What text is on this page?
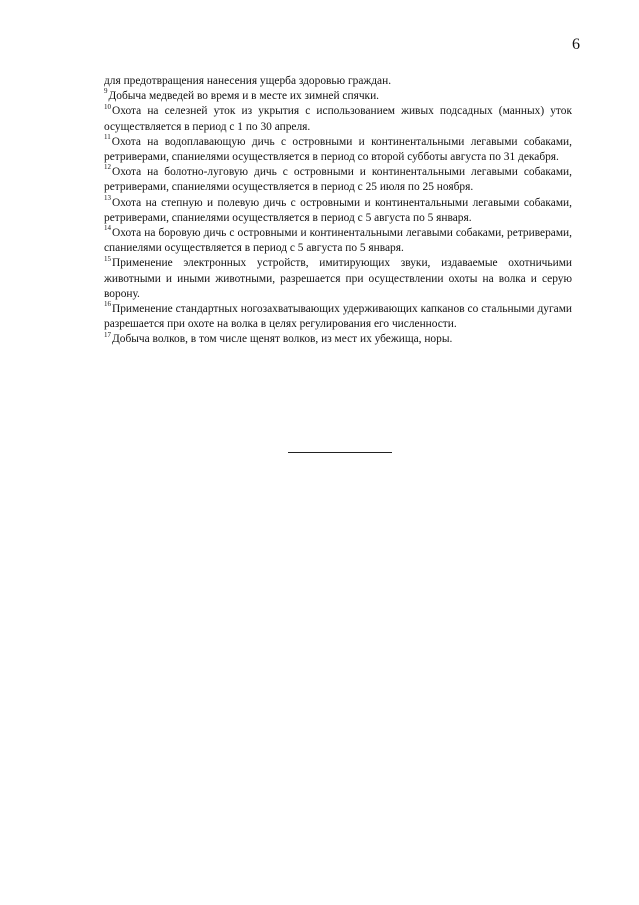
6

для предотвращения нанесения ущерба здоровью граждан.

$^9$Добыча медведей во время и в месте их зимней спячки.

$^{10}$Охота на селезней уток из укрытия с использованием живых подсадных (манных) уток осуществляется в период с 1 по 30 апреля.

$^{11}$Охота на водоплавающую дичь с островными и континентальными легавыми собаками, ретриверами, спаниелями осуществляется в период со второй субботы августа по 31 декабря.

$^{12}$Охота на болотно-луговую дичь с островными и континентальными легавыми собаками, ретриверами, спаниелями осуществляется в период с 25 июля по 25 ноября.

$^{13}$Охота на степную и полевую дичь с островными и континентальными легавыми собаками, ретриверами, спаниелями осуществляется в период с 5 августа по 5 января.

$^{14}$Охота на боровую дичь с островными и континентальными легавыми собаками, ретриверами, спаниелями осуществляется в период с 5 августа по 5 января.

$^{15}$Применение электронных устройств, имитирующих звуки, издаваемые охотничьими животными и иными животными, разрешается при осуществлении охоты на волка и серую ворону.

$^{16}$Применение стандартных ногозахватывающих удерживающих капканов со стальными дугами разрешается при охоте на волка в целях регулирования его численности.

$^{17}$Добыча волков, в том числе щенят волков, из мест их убежища, норы.
